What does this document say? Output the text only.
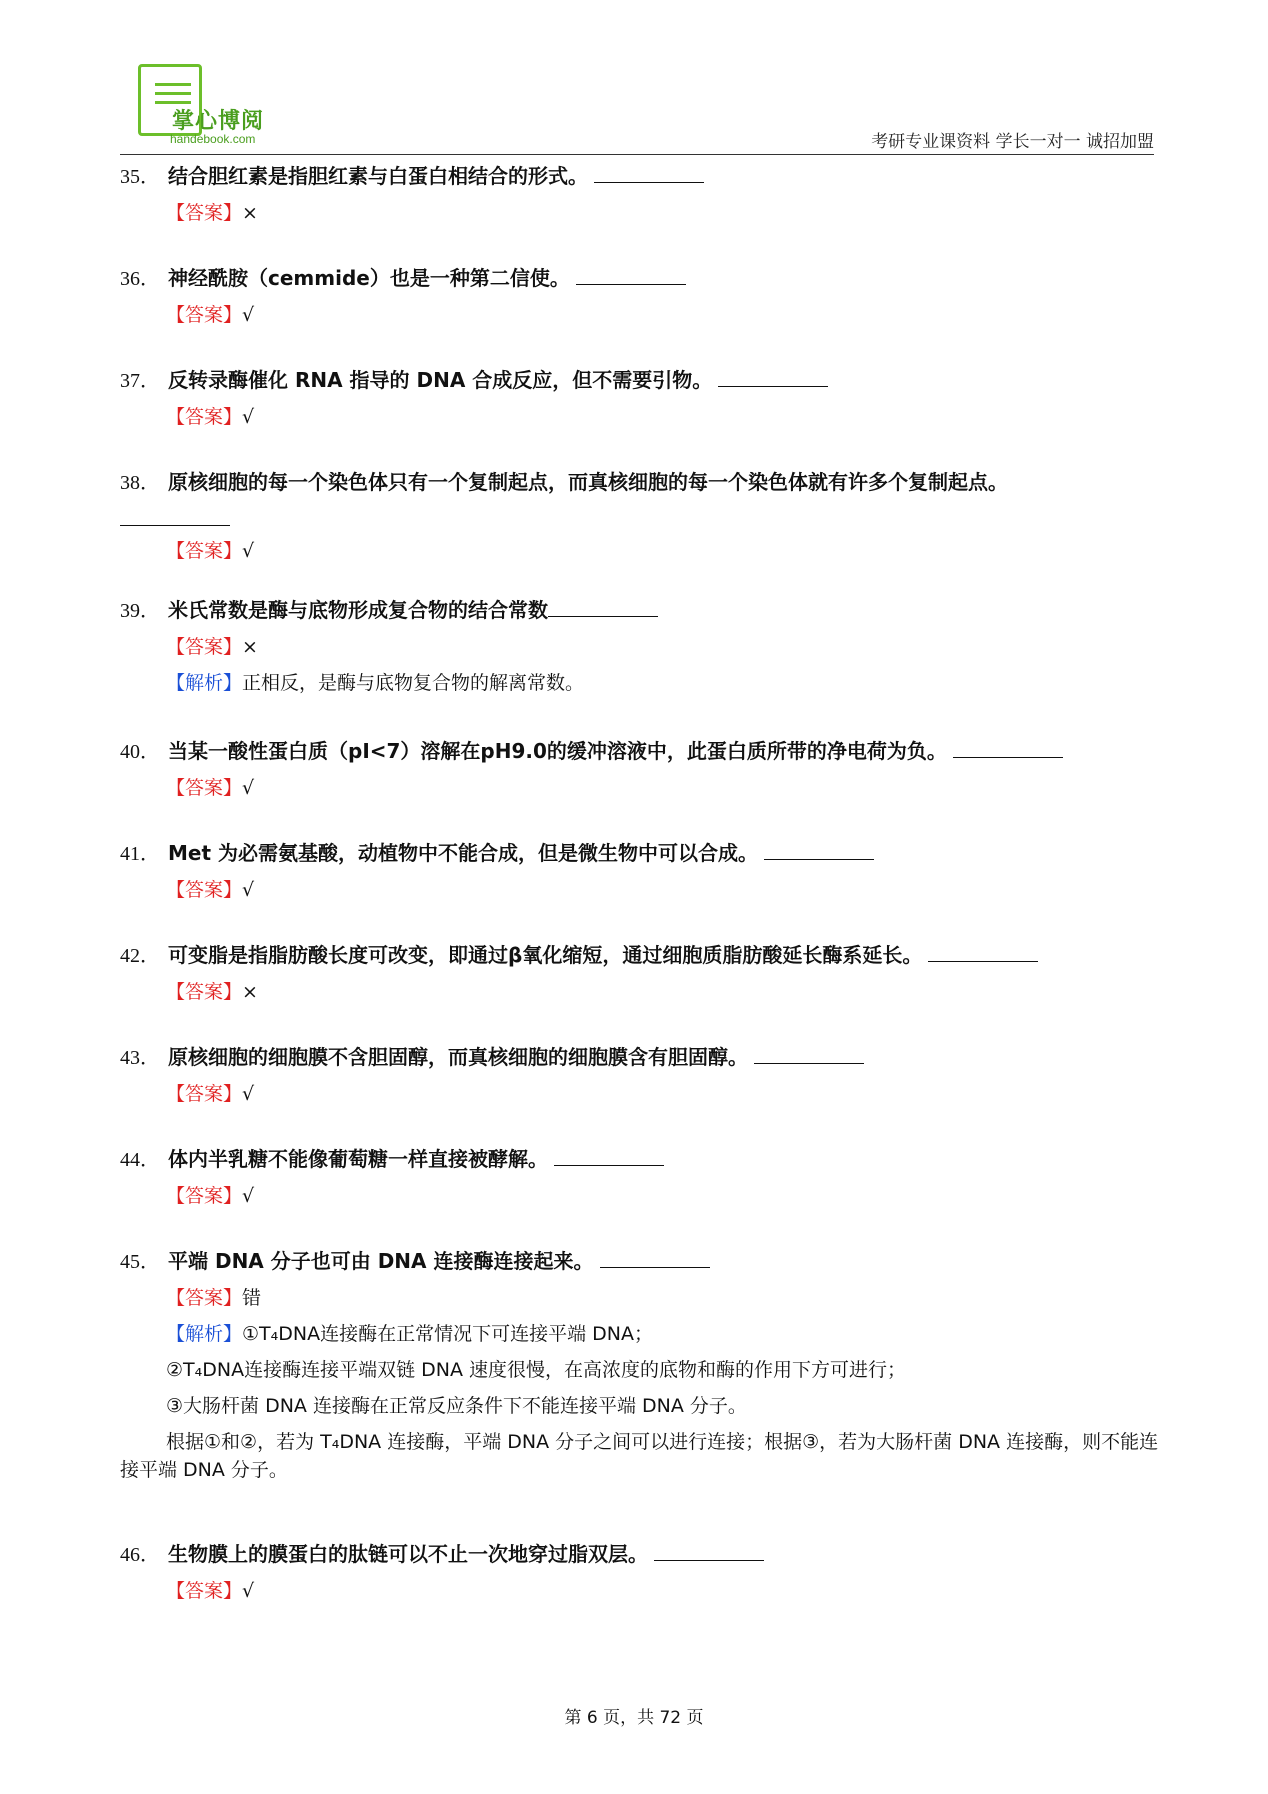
掌心博阅
handebook.com	考研专业课资料 学长一对一 诚招加盟
35． 结合胆红素是指胆红素与白蛋白相结合的形式。
【答案】×
36． 神经酰胺（cemmide）也是一种第二信使。
【答案】√
37． 反转录酶催化 RNA 指导的 DNA 合成反应，但不需要引物。
【答案】√
38． 原核细胞的每一个染色体只有一个复制起点，而真核细胞的每一个染色体就有许多个复制起点。
【答案】√
39． 米氏常数是酶与底物形成复合物的结合常数
【答案】×
【解析】正相反，是酶与底物复合物的解离常数。
40． 当某一酸性蛋白质（pI<7）溶解在pH9.0的缓冲溶液中，此蛋白质所带的净电荷为负。
【答案】√
41． Met 为必需氨基酸，动植物中不能合成，但是微生物中可以合成。
【答案】√
42． 可变脂是指脂肪酸长度可改变，即通过β氧化缩短，通过细胞质脂肪酸延长酶系延长。
【答案】×
43． 原核细胞的细胞膜不含胆固醇，而真核细胞的细胞膜含有胆固醇。
【答案】√
44． 体内半乳糖不能像葡萄糖一样直接被酵解。
【答案】√
45． 平端 DNA 分子也可由 DNA 连接酶连接起来。
【答案】错
【解析】①T₄DNA连接酶在正常情况下可连接平端 DNA；
②T₄DNA连接酶连接平端双链 DNA 速度很慢，在高浓度的底物和酶的作用下方可进行；
③大肠杆菌 DNA 连接酶在正常反应条件下不能连接平端 DNA 分子。
根据①和②，若为 T₄DNA 连接酶，平端 DNA 分子之间可以进行连接；根据③，若为大肠杆菌 DNA 连接酶，则不能连接平端 DNA 分子。
46． 生物膜上的膜蛋白的肽链可以不止一次地穿过脂双层。
【答案】√
第 6 页，共 72 页
